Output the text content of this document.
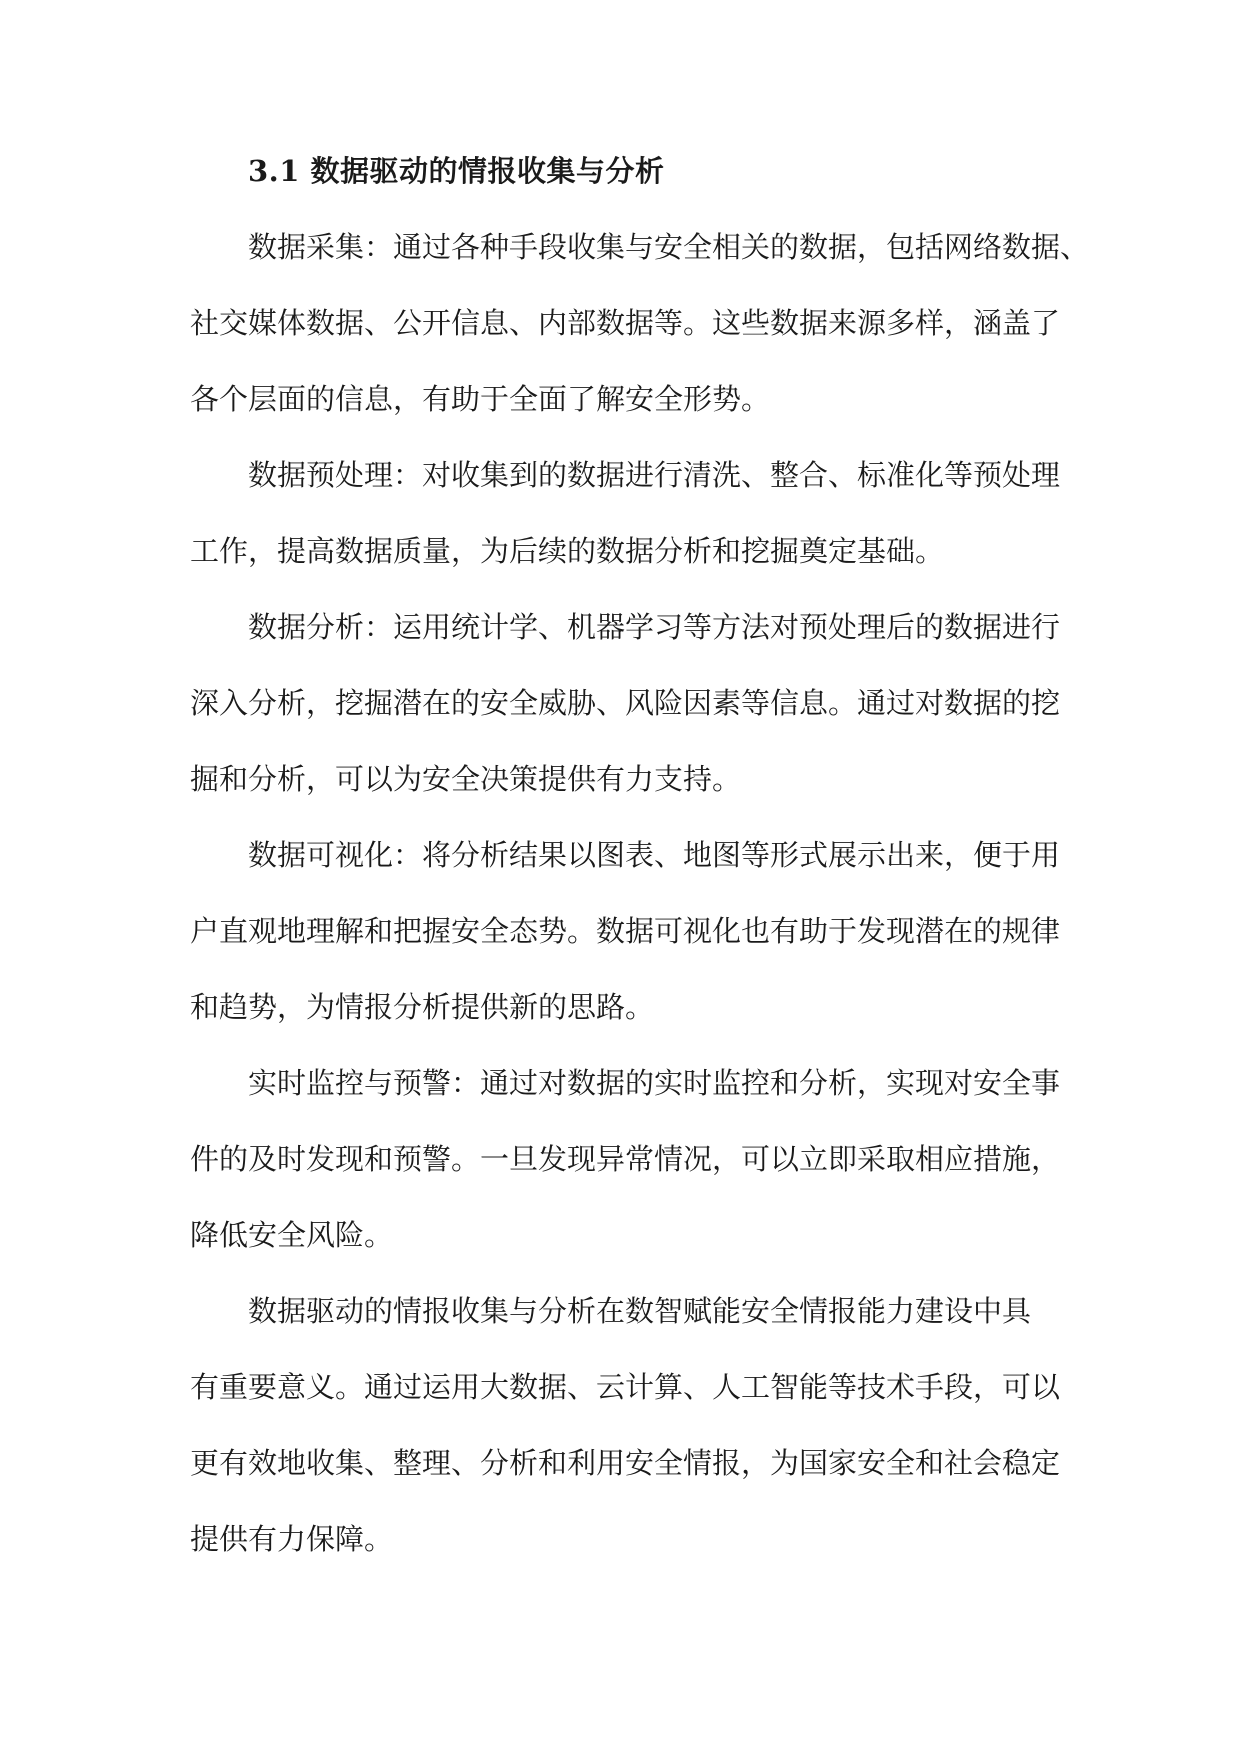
3.1 数据驱动的情报收集与分析

数据采集：通过各种手段收集与安全相关的数据，包括网络数据、

社交媒体数据、公开信息、内部数据等。这些数据来源多样，涵盖了

各个层面的信息，有助于全面了解安全形势。

数据预处理：对收集到的数据进行清洗、整合、标准化等预处理

工作，提高数据质量，为后续的数据分析和挖掘奠定基础。

数据分析：运用统计学、机器学习等方法对预处理后的数据进行

深入分析，挖掘潜在的安全威胁、风险因素等信息。通过对数据的挖

掘和分析，可以为安全决策提供有力支持。

数据可视化：将分析结果以图表、地图等形式展示出来，便于用

户直观地理解和把握安全态势。数据可视化也有助于发现潜在的规律

和趋势，为情报分析提供新的思路。

实时监控与预警：通过对数据的实时监控和分析，实现对安全事

件的及时发现和预警。一旦发现异常情况，可以立即采取相应措施，

降低安全风险。

数据驱动的情报收集与分析在数智赋能安全情报能力建设中具

有重要意义。通过运用大数据、云计算、人工智能等技术手段，可以

更有效地收集、整理、分析和利用安全情报，为国家安全和社会稳定

提供有力保障。
